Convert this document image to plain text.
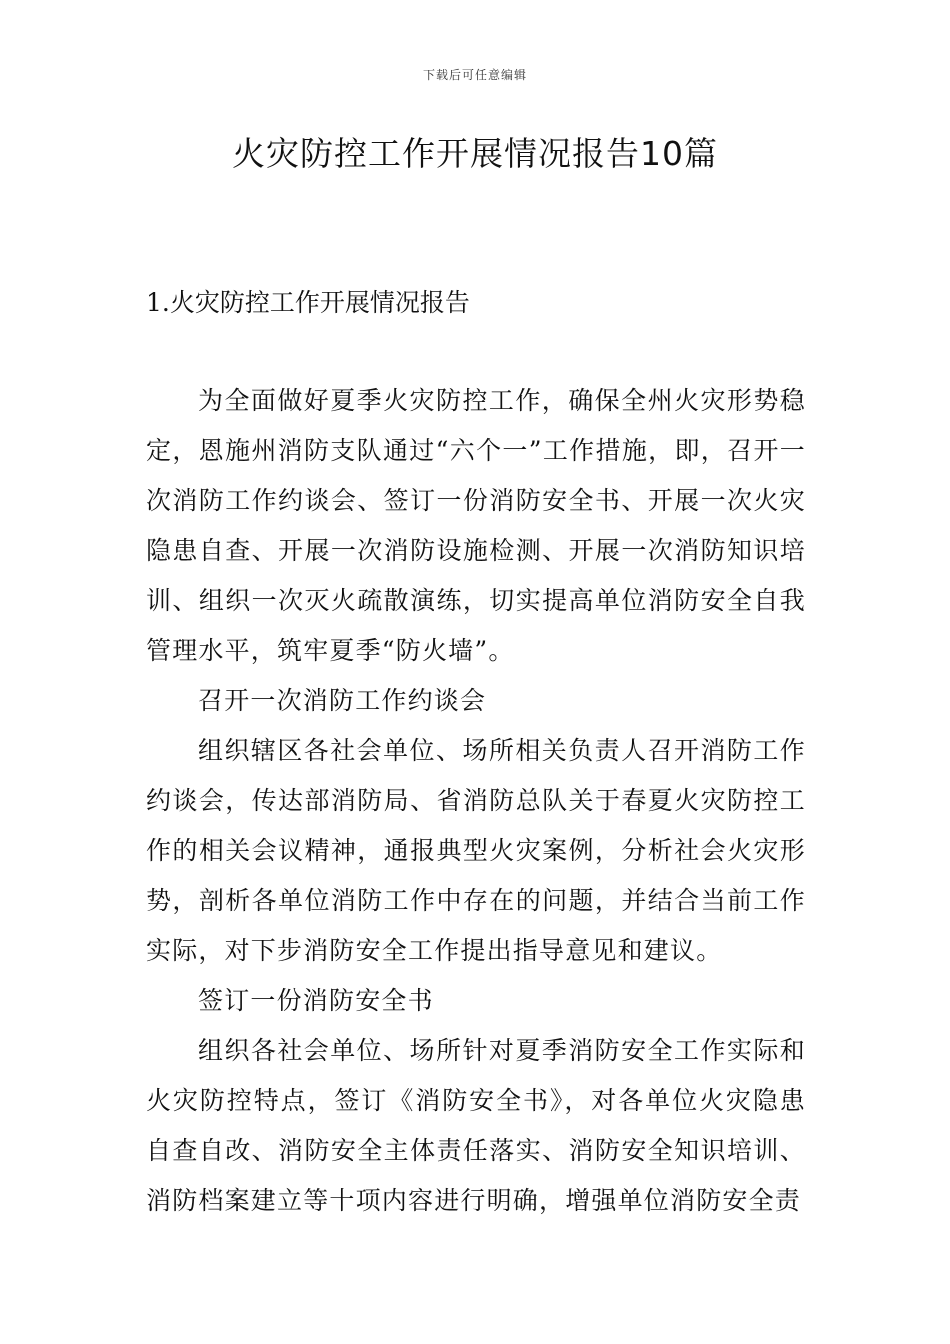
下载后可任意编辑
火灾防控工作开展情况报告10篇
1.火灾防控工作开展情况报告

为全面做好夏季火灾防控工作，确保全州火灾形势稳定，恩施州消防支队通过“六个一”工作措施，即，召开一次消防工作约谈会、签订一份消防安全书、开展一次火灾隐患自查、开展一次消防设施检测、开展一次消防知识培训、组织一次灭火疏散演练，切实提高单位消防安全自我管理水平，筑牢夏季“防火墙”。

召开一次消防工作约谈会

组织辖区各社会单位、场所相关负责人召开消防工作约谈会，传达部消防局、省消防总队关于春夏火灾防控工作的相关会议精神，通报典型火灾案例，分析社会火灾形势，剖析各单位消防工作中存在的问题，并结合当前工作实际，对下步消防安全工作提出指导意见和建议。

签订一份消防安全书

组织各社会单位、场所针对夏季消防安全工作实际和火灾防控特点，签订《消防安全书》，对各单位火灾隐患自查自改、消防安全主体责任落实、消防安全知识培训、消防档案建立等十项内容进行明确，增强单位消防安全责
